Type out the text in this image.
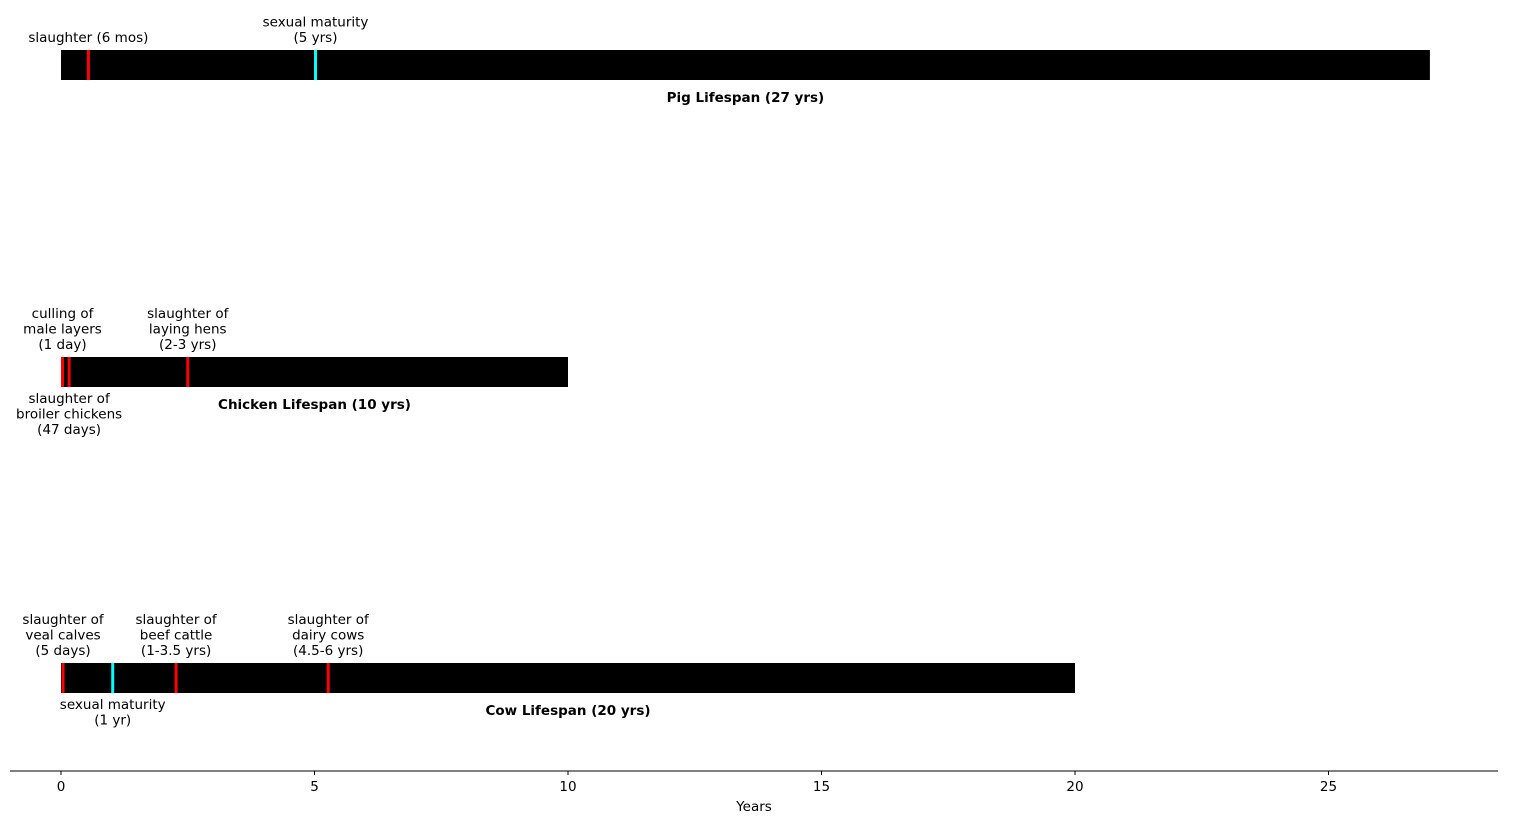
slaughter (6 mos)
sexual maturity (5 yrs)
Pig Lifespan (27 yrs)
culling of male layers (1 day)
slaughter of broiler chickens (47 days)
slaughter of laying hens (2-3 yrs)
Chicken Lifespan (10 yrs)
slaughter of veal calves (5 days)
sexual maturity (1 yr)
slaughter of beef cattle (1-3.5 yrs)
slaughter of dairy cows (4.5-6 yrs)
Cow Lifespan (20 yrs)
0	5	10	15	20	25
Years
